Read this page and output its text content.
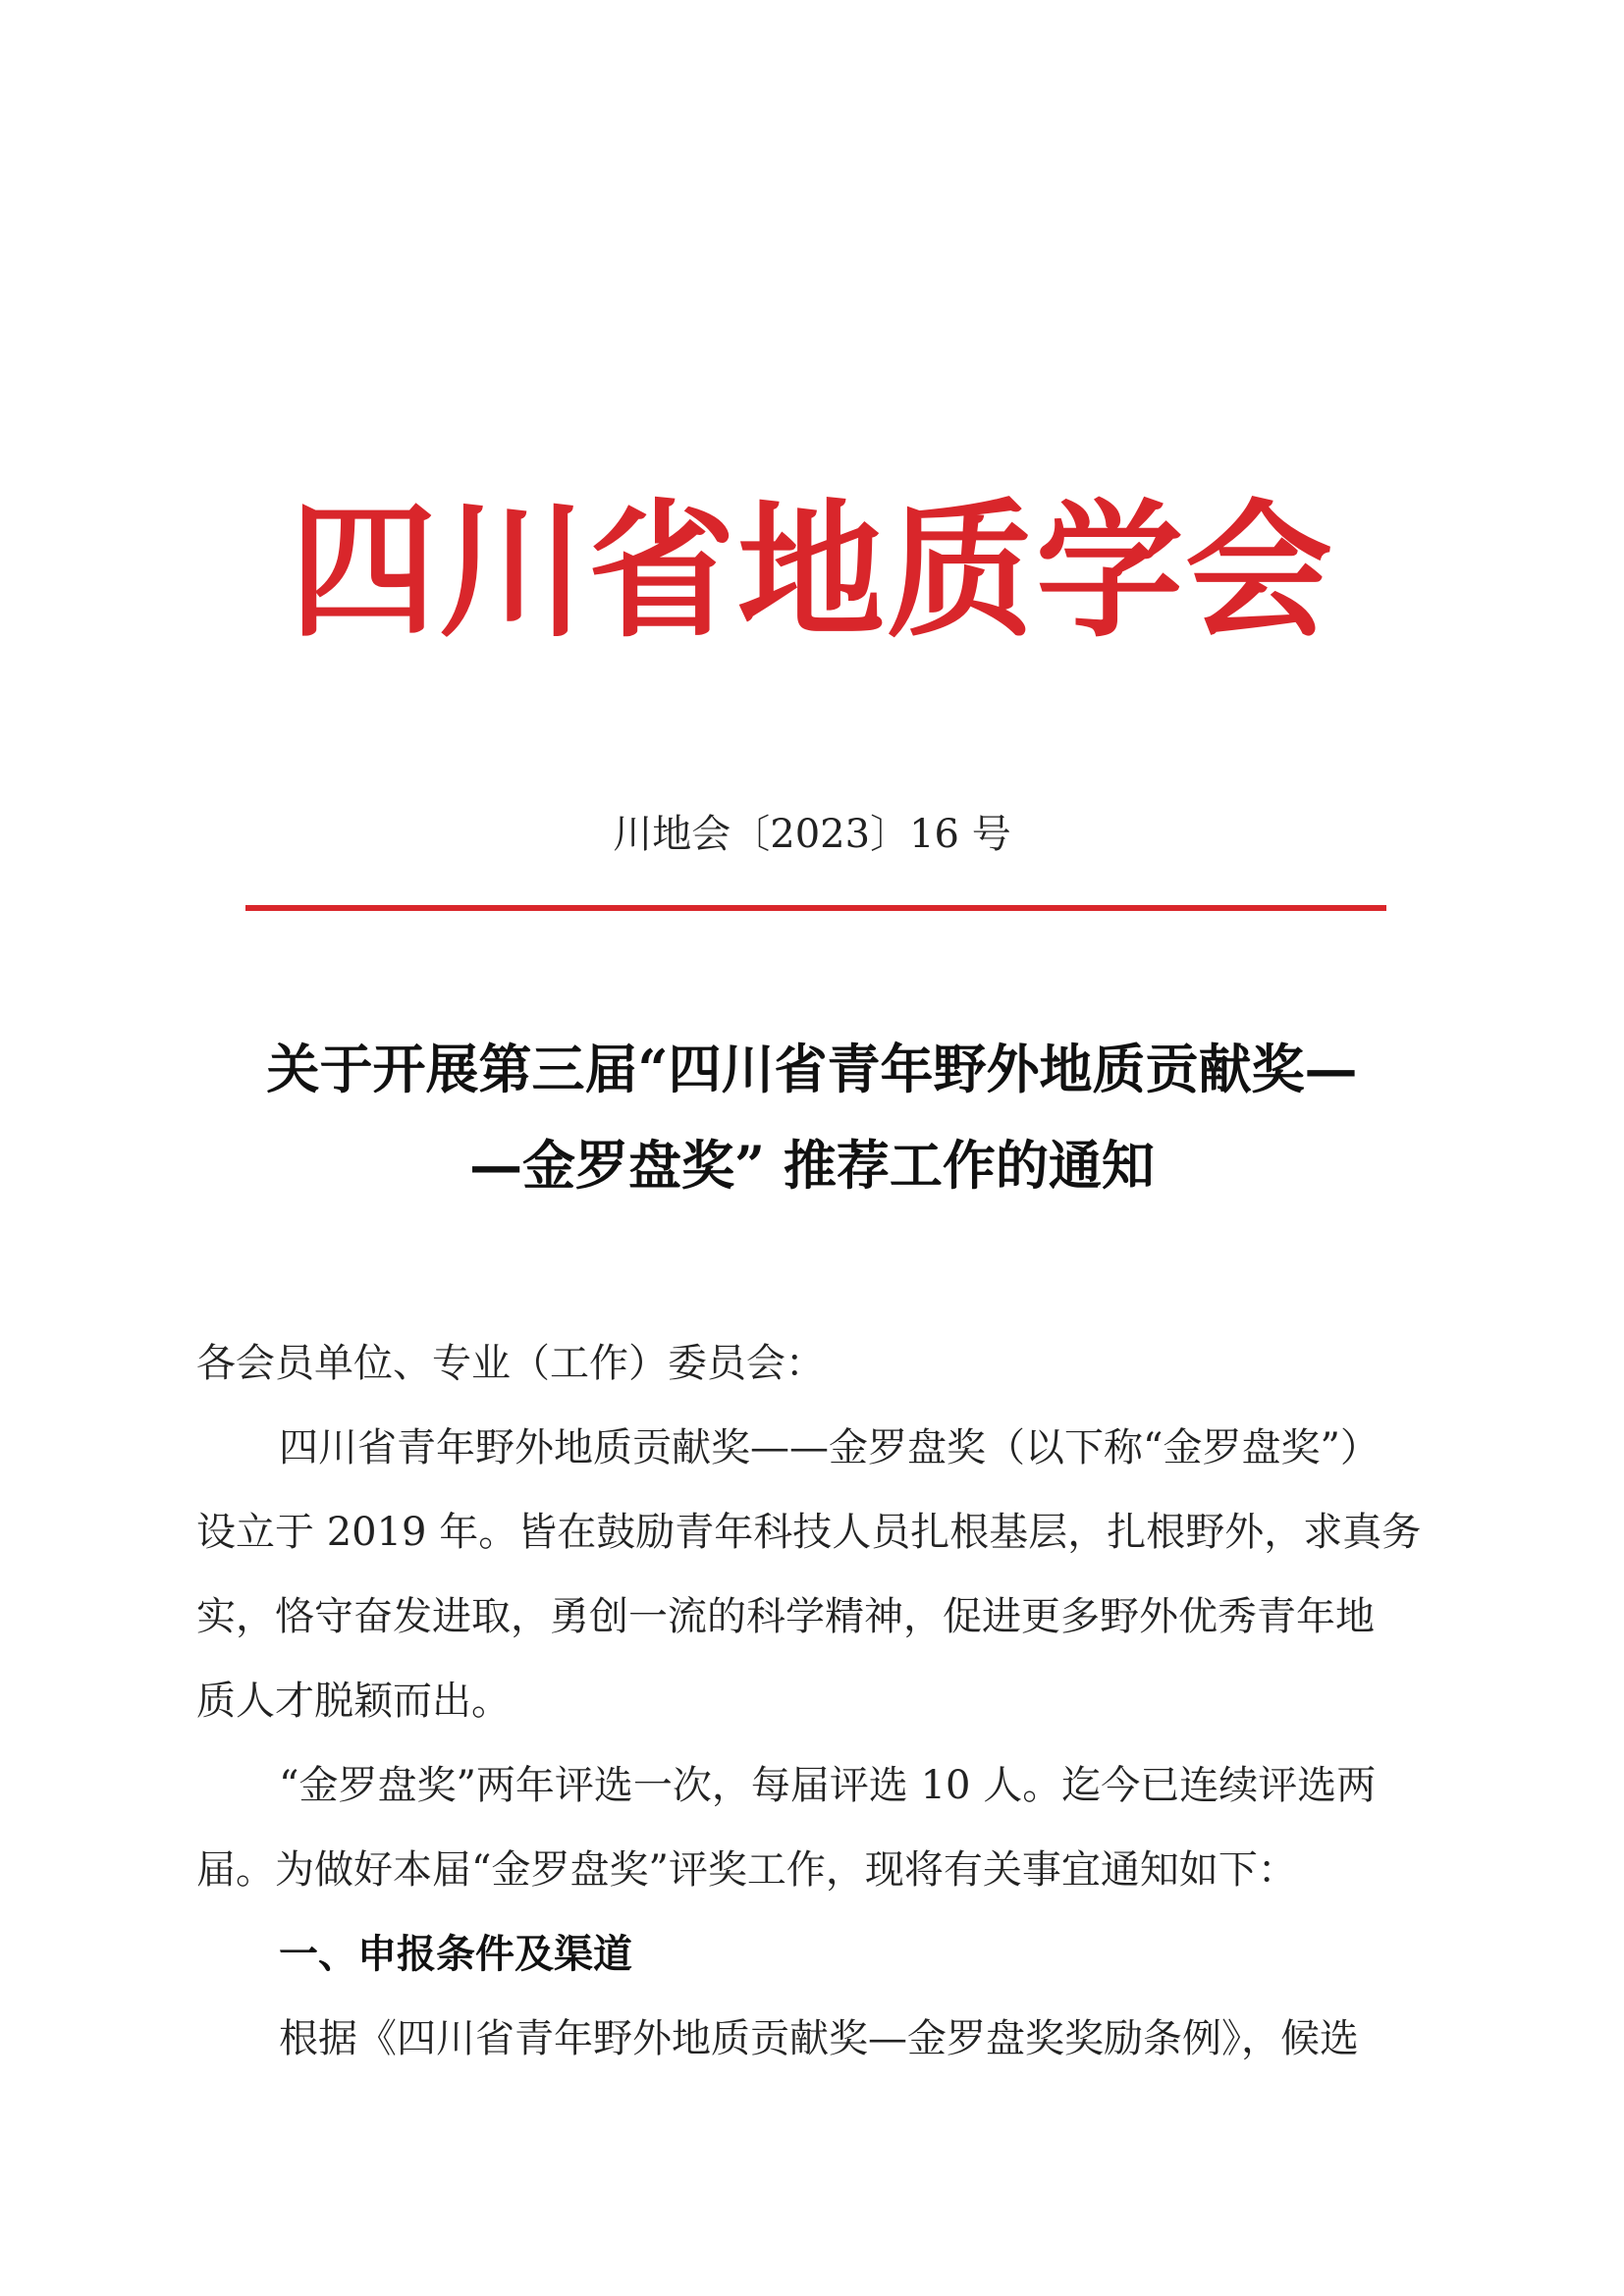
四川省地质学会
川地会〔2023〕16 号
关于开展第三届“四川省青年野外地质贡献奖—
—金罗盘奖” 推荐工作的通知

各会员单位、专业（工作）委员会：

四川省青年野外地质贡献奖——金罗盘奖（以下称“金罗盘奖”）

设立于 2019 年。皆在鼓励青年科技人员扎根基层，扎根野外，求真务

实，恪守奋发进取，勇创一流的科学精神，促进更多野外优秀青年地

质人才脱颖而出。

“金罗盘奖”两年评选一次，每届评选 10 人。迄今已连续评选两

届。为做好本届“金罗盘奖”评奖工作，现将有关事宜通知如下：

一、申报条件及渠道

根据《四川省青年野外地质贡献奖—金罗盘奖奖励条例》，候选
